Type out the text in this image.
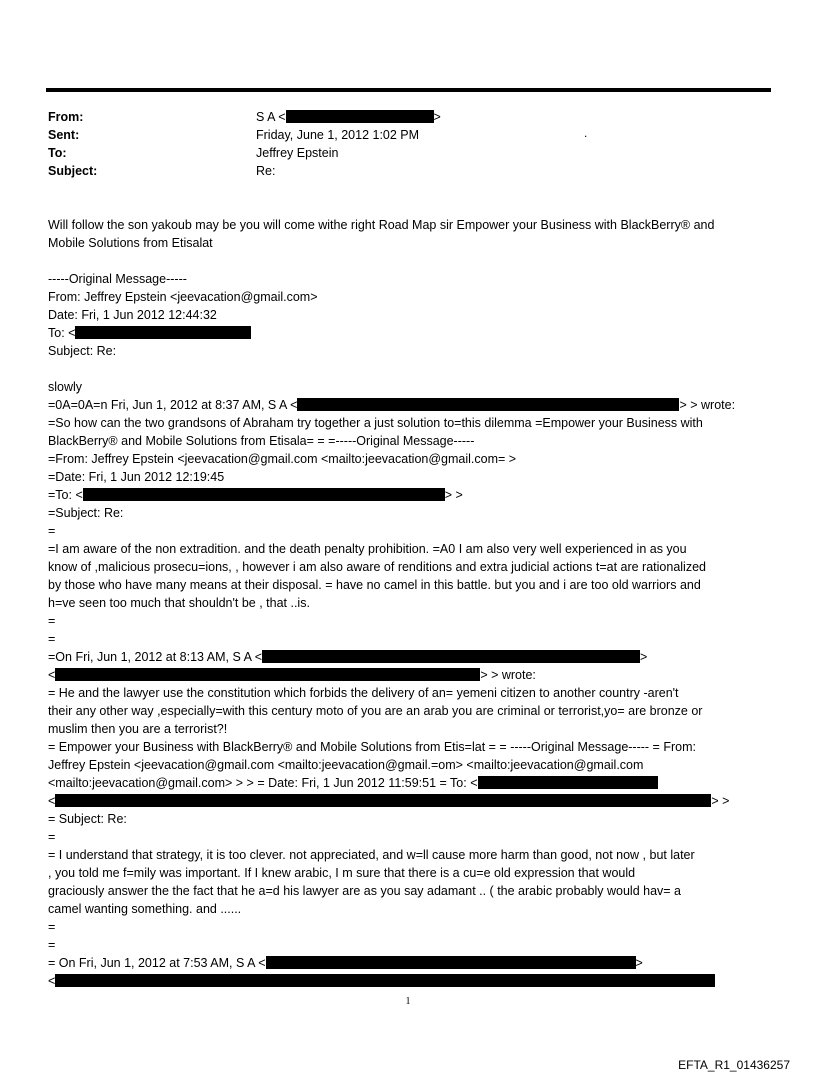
From:	S A <	>
Sent:	Friday, June 1, 2012 1:02 PM
To:	Jeffrey Epstein
Subject:	Re:
.
Will follow the son yakoub may be you will come withe right Road Map sir Empower your Business with BlackBerry® and
Mobile Solutions from Etisalat
-----Original Message-----
From: Jeffrey Epstein <jeevacation@gmail.com>
Date: Fri, 1 Jun 2012 12:44:32
To: <
Subject: Re:
slowly
=0A=0A=n Fri, Jun 1, 2012 at 8:37 AM, S A <	> > wrote:
=So how can the two grandsons of Abraham try together a just solution to=this dilemma =Empower your Business with
BlackBerry® and Mobile Solutions from Etisala= = =-----Original Message-----
=From: Jeffrey Epstein <jeevacation@gmail.com <mailto:jeevacation@gmail.com= >
=Date: Fri, 1 Jun 2012 12:19:45
=To: <	> >
=Subject: Re:
=
=I am aware of the non extradition. and the death penalty prohibition. =A0 I am also very well experienced in as you
know of ,malicious prosecu=ions, , however i am also aware of renditions and extra judicial actions t=at are rationalized
by those who have many means at their disposal. = have no camel in this battle. but you and i are too old warriors and
h=ve seen too much that shouldn't be , that ..is.
=
=
=On Fri, Jun 1, 2012 at 8:13 AM, S A <	>
<	> > wrote:
= He and the lawyer use the constitution which forbids the delivery of an= yemeni citizen to another country -aren't
their any other way ,especially=with this century moto of you are an arab you are criminal or terrorist,yo= are bronze or
muslim then you are a terrorist?!
= Empower your Business with BlackBerry® and Mobile Solutions from Etis=lat = = -----Original Message----- = From:
Jeffrey Epstein <jeevacation@gmail.com <mailto:jeevacation@gmail.=om> <mailto:jeevacation@gmail.com
<mailto:jeevacation@gmail.com> > > = Date: Fri, 1 Jun 2012 11:59:51 = To: <
<	> >
= Subject: Re:
=
= I understand that strategy, it is too clever. not appreciated, and w=ll cause more harm than good, not now , but later
, you told me f=mily was important. If I knew arabic, I m sure that there is a cu=e old expression that would
graciously answer the the fact that he a=d his lawyer are as you say adamant .. ( the arabic probably would hav= a
camel wanting something. and ......
=
=
= On Fri, Jun 1, 2012 at 7:53 AM, S A <	>
<
1
EFTA_R1_01436257
